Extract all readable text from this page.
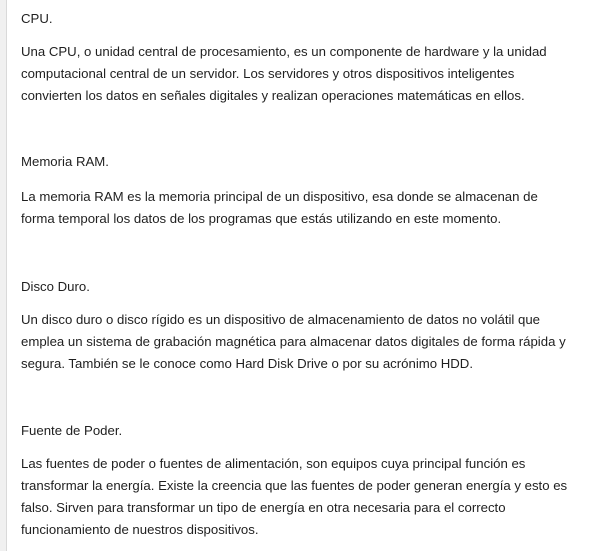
CPU.
Una CPU, o unidad central de procesamiento, es un componente de hardware y la unidad
computacional central de un servidor. Los servidores y otros dispositivos inteligentes
convierten los datos en señales digitales y realizan operaciones matemáticas en ellos.
Memoria RAM.
La memoria RAM es la memoria principal de un dispositivo, esa donde se almacenan de
forma temporal los datos de los programas que estás utilizando en este momento.
Disco Duro.
Un disco duro o disco rígido es un dispositivo de almacenamiento de datos no volátil que
emplea un sistema de grabación magnética para almacenar datos digitales de forma rápida y
segura. También se le conoce como Hard Disk Drive o por su acrónimo HDD.
Fuente de Poder.
Las fuentes de poder o fuentes de alimentación, son equipos cuya principal función es
transformar la energía. Existe la creencia que las fuentes de poder generan energía y esto es
falso. Sirven para transformar un tipo de energía en otra necesaria para el correcto
funcionamiento de nuestros dispositivos.
